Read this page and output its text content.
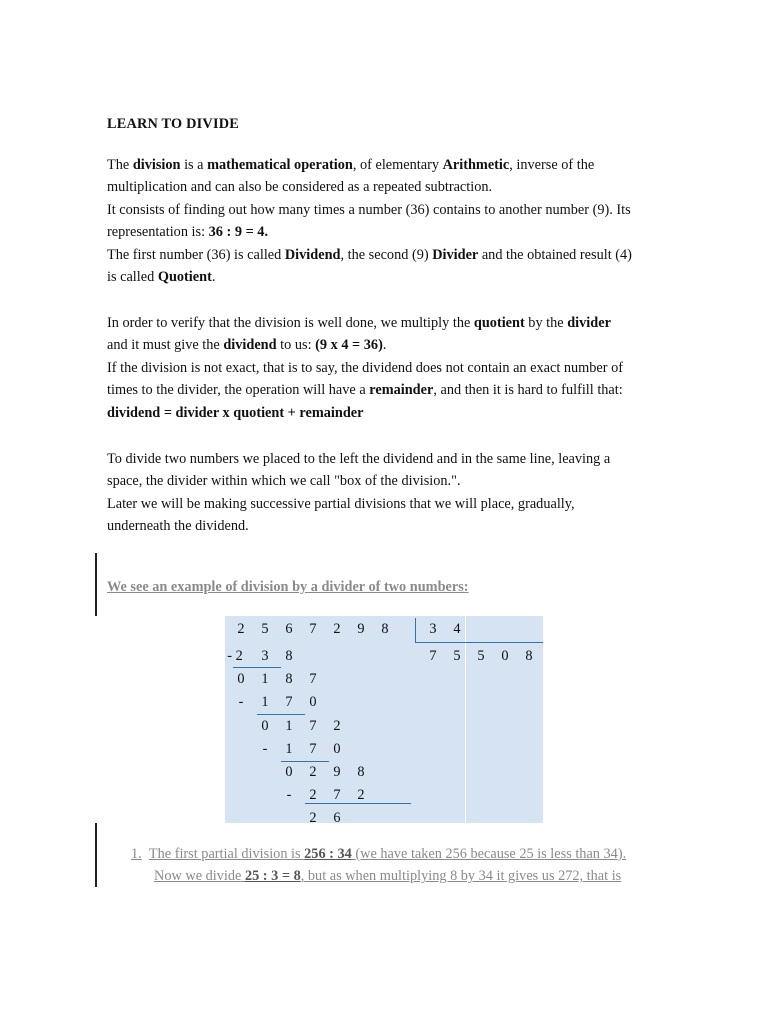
LEARN TO DIVIDE
The division is a mathematical operation, of elementary Arithmetic, inverse of the
multiplication and can also be considered as a repeated subtraction.
It consists of finding out how many times a number (36) contains to another number (9). Its
representation is: 36 : 9 = 4.
The first number (36) is called Dividend, the second (9) Divider and the obtained result (4)
is called Quotient.
In order to verify that the division is well done, we multiply the quotient by the divider
and it must give the dividend to us: (9 x 4 = 36).
If the division is not exact, that is to say, the dividend does not contain an exact number of
times to the divider, the operation will have a remainder, and then it is hard to fulfill that:
dividend = divider x quotient + remainder
To divide two numbers we placed to the left the dividend and in the same line, leaving a
space, the divider within which we call "box of the division.".
Later we will be making successive partial divisions that we will place, gradually,
underneath the dividend.
We see an example of division by a divider of two numbers:
2 5 6 7 2 9 8	3 4
- 2 3 8	7 5 5 0 8
0 1 8 7
- 1 7 0
0 1 7 2
- 1 7 0
0 2 9 8
- 2 7 2
2 6
1. The first partial division is 256 : 34 (we have taken 256 because 25 is less than 34).
Now we divide 25 : 3 = 8, but as when multiplying 8 by 34 it gives us 272, that is
